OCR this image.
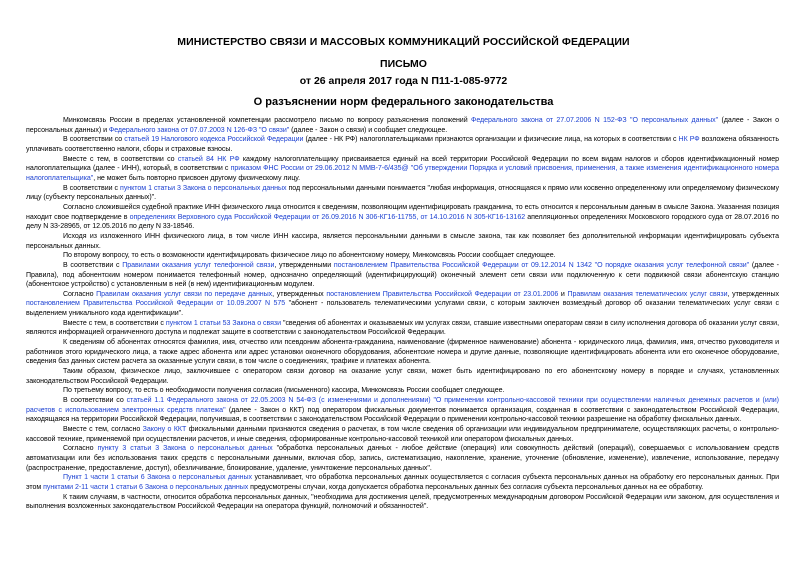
МИНИСТЕРСТВО СВЯЗИ И МАССОВЫХ КОММУНИКАЦИЙ РОССИЙСКОЙ ФЕДЕРАЦИИ
ПИСЬМО
от 26 апреля 2017 года N П11-1-085-9772
О разъяснении норм федерального законодательства

Минкомсвязь России в пределах установленной компетенции рассмотрело письмо по вопросу разъяснения положений Федерального закона от 27.07.2006 N 152-ФЗ "О персональных данных" (далее - Закон о персональных данных) и Федерального закона от 07.07.2003 N 126-ФЗ "О связи" (далее - Закон о связи) и сообщает следующее.

В соответствии со статьей 19 Налогового кодекса Российской Федерации (далее - НК РФ) налогоплательщиками признаются организации и физические лица, на которых в соответствии с НК РФ возложена обязанность уплачивать соответственно налоги, сборы и страховые взносы.

Вместе с тем, в соответствии со статьей 84 НК РФ каждому налогоплательщику присваивается единый на всей территории Российской Федерации по всем видам налогов и сборов идентификационный номер налогоплательщика (далее - ИНН), который, в соответствии с приказом ФНС России от 29.06.2012 N ММВ-7-6/435@ "Об утверждении Порядка и условий присвоения, применения, а также изменения идентификационного номера налогоплательщика", не может быть повторно присвоен другому физическому лицу.

В соответствии с пунктом 1 статьи 3 Закона о персональных данных под персональными данными понимается "любая информация, относящаяся к прямо или косвенно определенному или определяемому физическому лицу (субъекту персональных данных)".

Согласно сложившейся судебной практике ИНН физического лица относится к сведениям, позволяющим идентифицировать гражданина, то есть относится к персональным данным в смысле Закона. Указанная позиция находит свое подтверждение в определениях Верховного суда Российской Федерации от 26.09.2016 N 306-КГ16-11755, от 14.10.2016 N 305-КГ16-13162 апелляционных определениях Московского городского суда от 28.07.2016 по делу N 33-28965, от 12.05.2016 по делу N 33-18546.

Исходя из изложенного ИНН физического лица, в том числе ИНН кассира, является персональными данными в смысле закона, так как позволяет без дополнительной информации идентифицировать субъекта персональных данных.

По второму вопросу, то есть о возможности идентифицировать физическое лицо по абонентскому номеру, Минкомсвязь России сообщает следующее.

В соответствии с Правилами оказания услуг телефонной связи, утвержденными постановлением Правительства Российской Федерации от 09.12.2014 N 1342 "О порядке оказания услуг телефонной связи" (далее - Правила), под абонентским номером понимается телефонный номер, однозначно определяющий (идентифицирующий) оконечный элемент сети связи или подключенную к сети подвижной связи абонентскую станцию (абонентское устройство) с установленным в ней (в нем) идентификационным модулем.

Согласно Правилам оказания услуг связи по передаче данных, утвержденных постановлением Правительства Российской Федерации от 23.01.2006 и Правилам оказания телематических услуг связи, утвержденных постановлением Правительства Российской Федерации от 10.09.2007 N 575 "абонент - пользователь телематическими услугами связи, с которым заключен возмездный договор об оказании телематических услуг связи с выделением уникального кода идентификации".

Вместе с тем, в соответствии с пунктом 1 статьи 53 Закона о связи "сведения об абонентах и оказываемых им услугах связи, ставшие известными операторам связи в силу исполнения договора об оказании услуг связи, являются информацией ограниченного доступа и подлежат защите в соответствии с законодательством Российской Федерации.

К сведениям об абонентах относятся фамилия, имя, отчество или псевдоним абонента-гражданина, наименование (фирменное наименование) абонента - юридического лица, фамилия, имя, отчество руководителя и работников этого юридического лица, а также адрес абонента или адрес установки оконечного оборудования, абонентские номера и другие данные, позволяющие идентифицировать абонента или его оконечное оборудование, сведения баз данных систем расчета за оказанные услуги связи, в том числе о соединениях, трафике и платежах абонента.

Таким образом, физическое лицо, заключившее с оператором связи договор на оказание услуг связи, может быть идентифицировано по его абонентскому номеру в порядке и случаях, установленных законодательством Российской Федерации.

По третьему вопросу, то есть о необходимости получения согласия (письменного) кассира, Минкомсвязь России сообщает следующее.

В соответствии со статьей 1.1 Федерального закона от 22.05.2003 N 54-ФЗ (с изменениями и дополнениями) "О применении контрольно-кассовой техники при осуществлении наличных денежных расчетов и (или) расчетов с использованием электронных средств платежа" (далее - Закон о ККТ) под оператором фискальных документов понимается организация, созданная в соответствии с законодательством Российской Федерации, находящаяся на территории Российской Федерации, получившая, в соответствии с законодательством Российской Федерации о применении контрольно-кассовой техники разрешение на обработку фискальных данных.

Вместе с тем, согласно Закону о ККТ фискальными данными признаются сведения о расчетах, в том числе сведения об организации или индивидуальном предпринимателе, осуществляющих расчеты, о контрольно-кассовой технике, применяемой при осуществлении расчетов, и иные сведения, сформированные контрольно-кассовой техникой или оператором фискальных данных.

Согласно пункту 3 статьи 3 Закона о персональных данных "обработка персональных данных - любое действие (операция) или совокупность действий (операций), совершаемых с использованием средств автоматизации или без использования таких средств с персональными данными, включая сбор, запись, систематизацию, накопление, хранение, уточнение (обновление, изменение), извлечение, использование, передачу (распространение, предоставление, доступ), обезличивание, блокирование, удаление, уничтожение персональных данных".

Пункт 1 части 1 статьи 6 Закона о персональных данных устанавливает, что обработка персональных данных осуществляется с согласия субъекта персональных данных на обработку его персональных данных. При этом пунктами 2-11 части 1 статьи 6 Закона о персональных данных предусмотрены случаи, когда допускается обработка персональных данных без согласия субъекта персональных данных на ее обработку.

К таким случаям, в частности, относится обработка персональных данных, "необходима для достижения целей, предусмотренных международным договором Российской Федерации или законом, для осуществления и выполнения возложенных законодательством Российской Федерации на оператора функций, полномочий и обязанностей".
